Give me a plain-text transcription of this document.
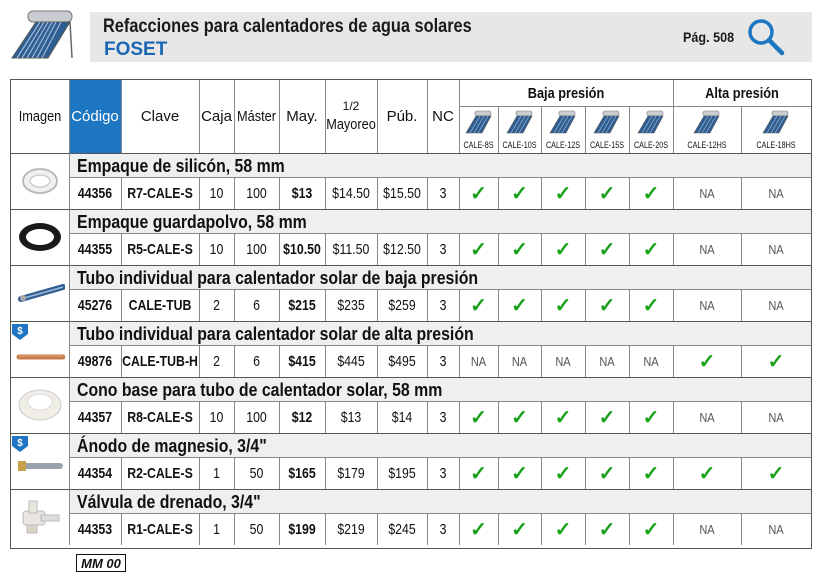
Refacciones para calentadores de agua solares
FOSET
Pág. 508
Imagen Código	Clave	Caja Máster May.
1/2
Mayoreo Púb. NC
Baja presión	Alta presión
CALE-8S CALE-10S CALE-12S CALE-15S CALE-20S	CALE-12HS	CALE-18HS
Empaque de silicón, 58 mm
44356 R7-CALE-S	10	100	$13	$14.50 $15.50	3	✓	✓	✓	✓	✓	NA	NA
Empaque guardapolvo, 58 mm
44355 R5-CALE-S	10	100	$10.50 $11.50 $12.50	3	✓	✓	✓	✓	✓	NA	NA
Tubo individual para calentador solar de baja presión
45276 CALE-TUB	2	6	$215	$235	$259	3	✓	✓	✓	✓	✓	NA	NA
Tubo individual para calentador solar de alta presión
49876 CALE-TUB-H	2	6	$415	$445	$495	3	NA	NA	NA	NA	NA	✓	✓
Cono base para tubo de calentador solar, 58 mm
44357 R8-CALE-S	10	100	$12	$13	$14	3	✓	✓	✓	✓	✓	NA	NA
Ánodo de magnesio, 3/4"
44354 R2-CALE-S	1	50	$165	$179	$195	3	✓	✓	✓	✓	✓	✓	✓
Válvula de drenado, 3/4"
44353 R1-CALE-S	1	50	$199	$219	$245	3	✓	✓	✓	✓	✓	NA	NA
MM 00
$
$
